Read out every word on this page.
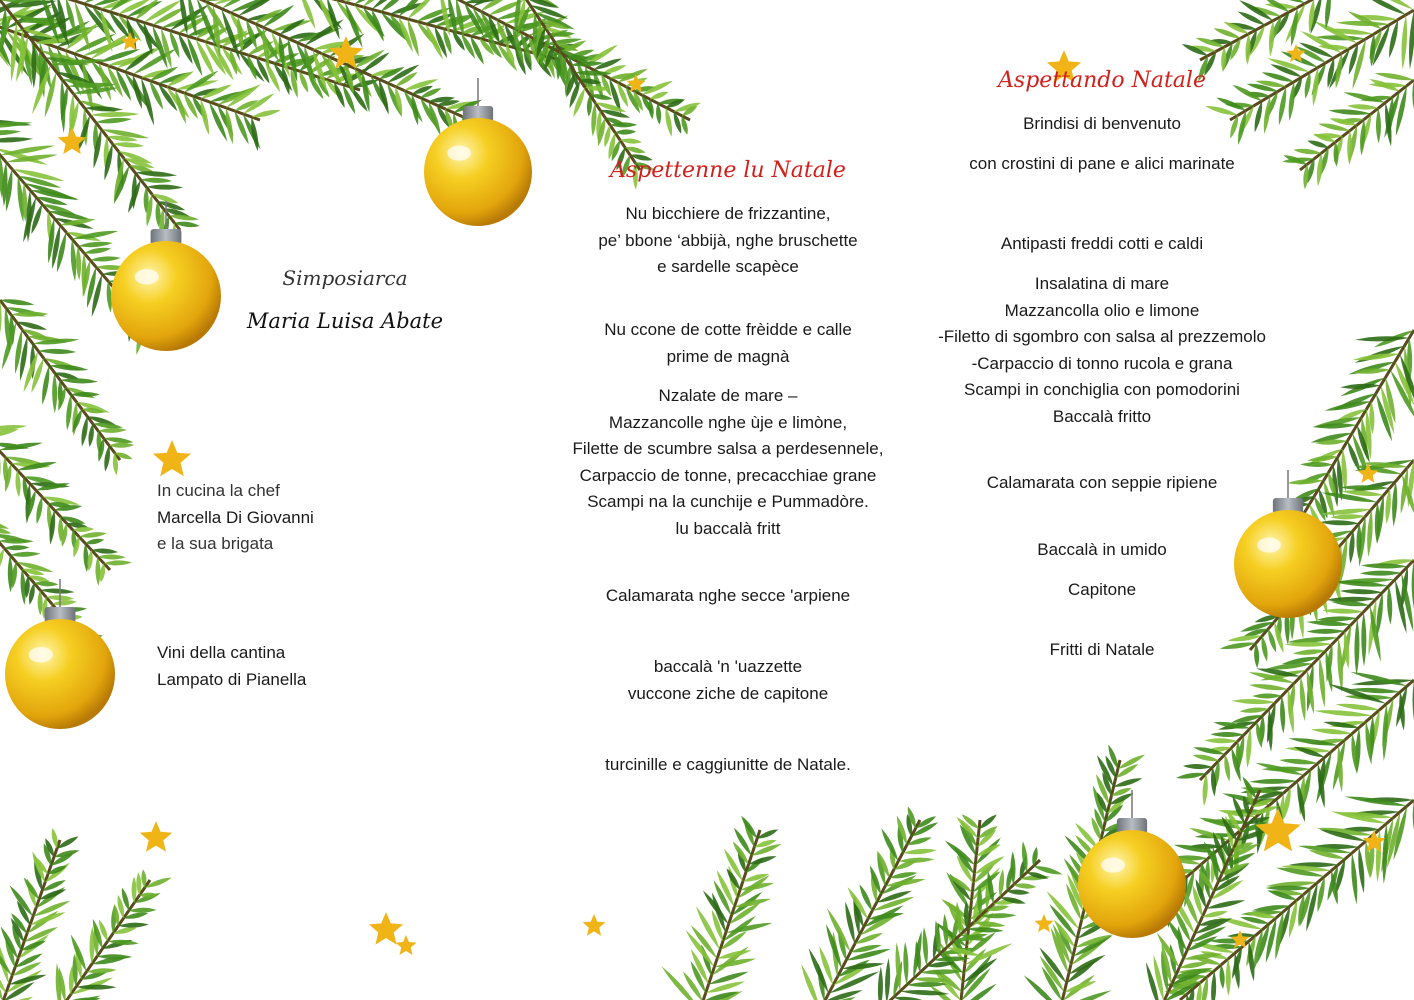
Simposiarca
Maria Luisa Abate
In cucina la chef
Marcella Di Giovanni
e la sua brigata
Vini della cantina
Lampato di Pianella
Aspettenne lu Natale
Nu bicchiere de frizzantine,
pe’ bbone ‘abbijà, nghe bruschette
e sardelle scapèce
Nu ccone de cotte frèidde e calle
prime de magnà
Nzalate de mare –
Mazzancolle nghe ùje e limòne,
Filette de scumbre salsa a perdesennele,
Carpaccio de tonne, precacchiae grane
Scampi na la cunchije e Pummadòre.
lu baccalà fritt
Calamarata nghe secce 'arpiene
baccalà 'n 'uazzette
vuccone ziche de capitone
turcinille e caggiunitte de Natale.
Aspettando Natale
Brindisi di benvenuto
con crostini di pane e alici marinate
Antipasti freddi cotti e caldi
Insalatina di mare
Mazzancolla olio e limone
-Filetto di sgombro con salsa al prezzemolo
-Carpaccio di tonno rucola e grana
Scampi in conchiglia con pomodorini
Baccalà fritto
Calamarata con seppie ripiene
Baccalà in umido
Capitone
Fritti di Natale
